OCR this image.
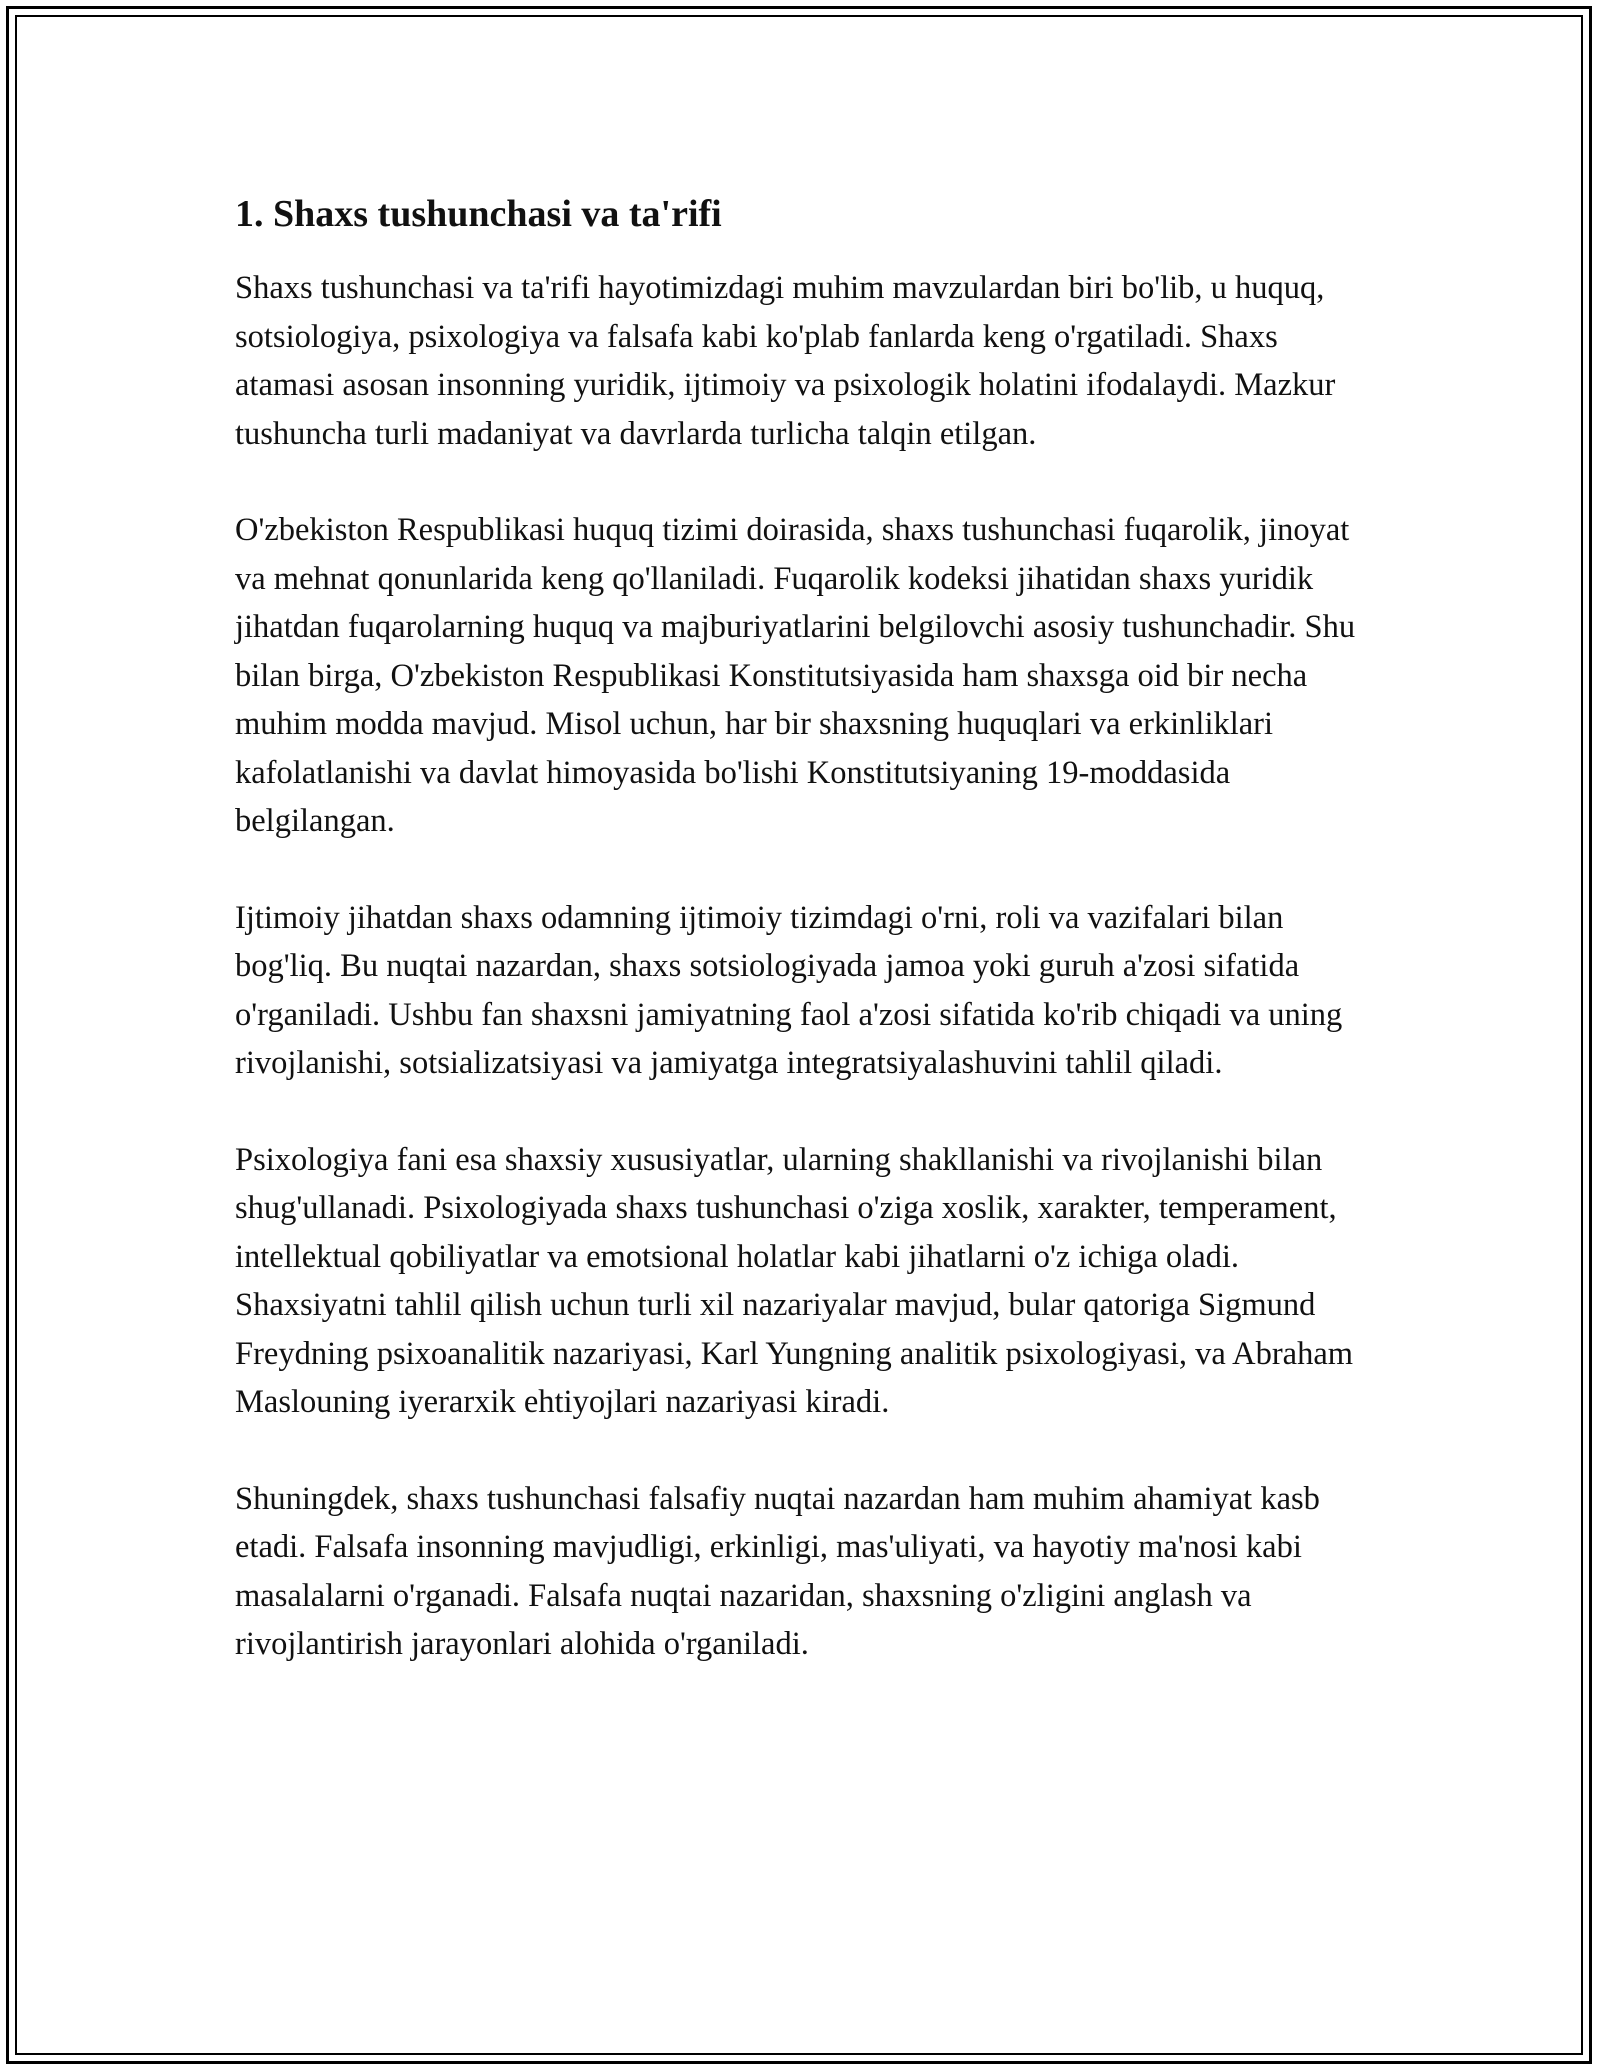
1. Shaxs tushunchasi va ta'rifi

Shaxs tushunchasi va ta'rifi hayotimizdagi muhim mavzulardan biri bo'lib, u huquq, sotsiologiya, psixologiya va falsafa kabi ko'plab fanlarda keng o'rgatiladi. Shaxs atamasi asosan insonning yuridik, ijtimoiy va psixologik holatini ifodalaydi. Mazkur tushuncha turli madaniyat va davrlarda turlicha talqin etilgan.

O'zbekiston Respublikasi huquq tizimi doirasida, shaxs tushunchasi fuqarolik, jinoyat va mehnat qonunlarida keng qo'llaniladi. Fuqarolik kodeksi jihatidan shaxs yuridik jihatdan fuqarolarning huquq va majburiyatlarini belgilovchi asosiy tushunchadir. Shu bilan birga, O'zbekiston Respublikasi Konstitutsiyasida ham shaxsga oid bir necha muhim modda mavjud. Misol uchun, har bir shaxsning huquqlari va erkinliklari kafolatlanishi va davlat himoyasida bo'lishi Konstitutsiyaning 19-moddasida belgilangan.

Ijtimoiy jihatdan shaxs odamning ijtimoiy tizimdagi o'rni, roli va vazifalari bilan bog'liq. Bu nuqtai nazardan, shaxs sotsiologiyada jamoa yoki guruh a'zosi sifatida o'rganiladi. Ushbu fan shaxsni jamiyatning faol a'zosi sifatida ko'rib chiqadi va uning rivojlanishi, sotsializatsiyasi va jamiyatga integratsiyalashuvini tahlil qiladi.

Psixologiya fani esa shaxsiy xususiyatlar, ularning shakllanishi va rivojlanishi bilan shug'ullanadi. Psixologiyada shaxs tushunchasi o'ziga xoslik, xarakter, temperament, intellektual qobiliyatlar va emotsional holatlar kabi jihatlarni o'z ichiga oladi. Shaxsiyatni tahlil qilish uchun turli xil nazariyalar mavjud, bular qatoriga Sigmund Freydning psixoanalitik nazariyasi, Karl Yungning analitik psixologiyasi, va Abraham Maslouning iyerarxik ehtiyojlari nazariyasi kiradi.

Shuningdek, shaxs tushunchasi falsafiy nuqtai nazardan ham muhim ahamiyat kasb etadi. Falsafa insonning mavjudligi, erkinligi, mas'uliyati, va hayotiy ma'nosi kabi masalalarni o'rganadi. Falsafa nuqtai nazaridan, shaxsning o'zligini anglash va rivojlantirish jarayonlari alohida o'rganiladi.
